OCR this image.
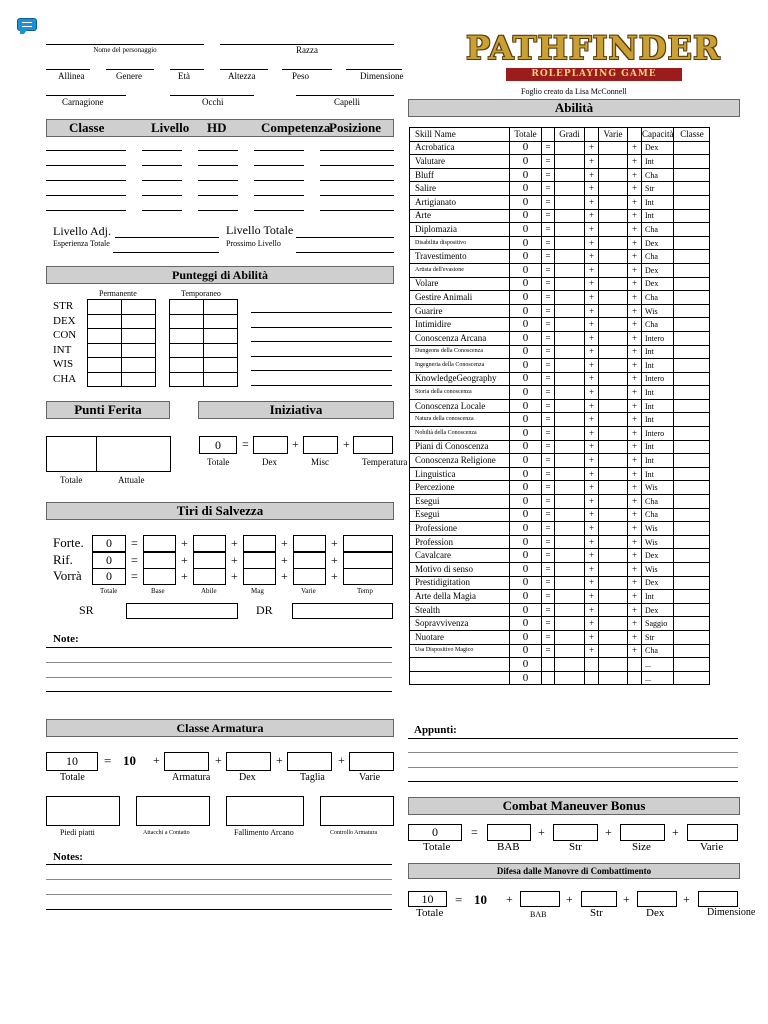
Nome del personaggio	Razza
Allinea	Genere	Età	Altezza	Peso	Dimensione
Carnagione	Occhi	Capelli
Classe	Livello HD	Competenza
Posizione
Livello Adj.	Livello Totale
Esperienza Totale	Prossimo Livello
Punteggi di Abilità
Permanente	Temporaneo
STR
DEX
CON
INT
WIS
CHA
Punti Ferita	Iniziativa
Totale	Attuale
0	=	+	+
Totale	Dex	Misc	Temperatura
Tiri di Salvezza
Forte.	0	=	+	+	+	+
Rif.	0	=	+	+	+	+
Vorrà	0	=	+	+	+	+
Totale	Base	Abile	Mag	Varie	Temp
SR	DR
Note:
Classe Armatura
10	= 10 +	+	+	+
Totale	Armatura	Dex	Taglia	Varie
Piedi piatti	Attacchi a Contatto	Fallimento Arcano	Controllo Armatura
Notes:
PATHFINDER
ROLEPLAYING GAME
Foglio creato da Lisa McConnell
Abilità
Skill Name	Totale		Gradi		Varie		Capacità	Classe
Acrobatica	0	=		+		+	Dex	
Valutare	0	=		+		+	Int	
Bluff	0	=		+		+	Cha	
Salire	0	=		+		+	Str	
Artigianato	0	=		+		+	Int	
Arte	0	=		+		+	Int	
Diplomazia	0	=		+		+	Cha	
Disabilita dispositivo	0	=		+		+	Dex	
Travestimento	0	=		+		+	Cha	
Artista dell'evasione	0	=		+		+	Dex	
Volare	0	=		+		+	Dex	
Gestire Animali	0	=		+		+	Cha	
Guarire	0	=		+		+	Wis	
Intimidire	0	=		+		+	Cha	
Conoscenza Arcana	0	=		+		+	Intero	
Dungeons della Conoscenza	0	=		+		+	Int	
Ingegneria della Conoscenza	0	=		+		+	Int	
KnowledgeGeography	0	=		+		+	Intero	
Storia della conoscenza	0	=		+		+	Int	
Conoscenza Locale	0	=		+		+	Int	
Natura della conoscenza	0	=		+		+	Int	
Nobiltà della Conoscenza	0	=		+		+	Intero	
Piani di Conoscenza	0	=		+		+	Int	
Conoscenza Religione	0	=		+		+	Int	
Linguistica	0	=		+		+	Int	
Percezione	0	=		+		+	Wis	
Esegui	0	=		+		+	Cha	
Esegui	0	=		+		+	Cha	
Professione	0	=		+		+	Wis	
Profession	0	=		+		+	Wis	
Cavalcare	0	=		+		+	Dex	
Motivo di senso	0	=		+		+	Wis	
Prestidigitation	0	=		+		+	Dex	
Arte della Magia	0	=		+		+	Int	
Stealth	0	=		+		+	Dex	
Sopravvivenza	0	=		+		+	Saggio	
Nuotare	0	=		+		+	Str	
Usa Dispositivo Magico	0	=		+		+	Cha	
	0						...	
	0						...	
Appunti:
Combat Maneuver Bonus
0	=	+	+	+
Totale	BAB	Str	Size	Varie
Difesa dalle Manovre di Combattimento
10	= 10 +	+	+	+
Totale	BAB	Str	Dex	Dimensione
